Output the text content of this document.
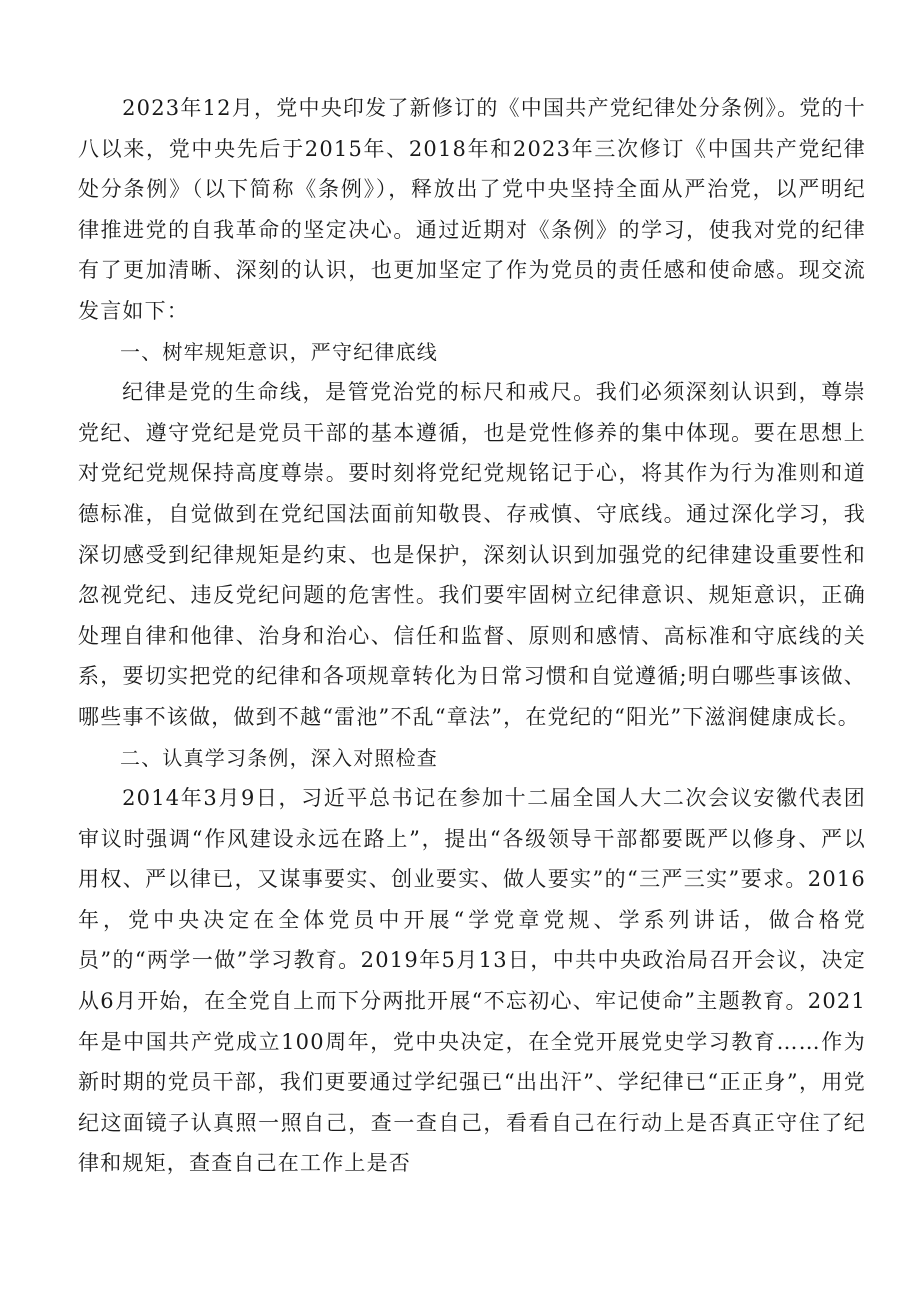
2023年12月，党中央印发了新修订的《中国共产党纪律处分条例》。党的十八以来，党中央先后于2015年、2018年和2023年三次修订《中国共产党纪律处分条例》（以下简称《条例》），释放出了党中央坚持全面从严治党，以严明纪律推进党的自我革命的坚定决心。通过近期对《条例》的学习，使我对党的纪律有了更加清晰、深刻的认识，也更加坚定了作为党员的责任感和使命感。现交流发言如下：

一、树牢规矩意识，严守纪律底线

纪律是党的生命线，是管党治党的标尺和戒尺。我们必须深刻认识到，尊崇党纪、遵守党纪是党员干部的基本遵循，也是党性修养的集中体现。要在思想上对党纪党规保持高度尊崇。要时刻将党纪党规铭记于心，将其作为行为准则和道德标准，自觉做到在党纪国法面前知敬畏、存戒慎、守底线。通过深化学习，我深切感受到纪律规矩是约束、也是保护，深刻认识到加强党的纪律建设重要性和忽视党纪、违反党纪问题的危害性。我们要牢固树立纪律意识、规矩意识，正确处理自律和他律、治身和治心、信任和监督、原则和感情、高标准和守底线的关系，要切实把党的纪律和各项规章转化为日常习惯和自觉遵循;明白哪些事该做、哪些事不该做，做到不越“雷池”不乱“章法”，在党纪的“阳光”下滋润健康成长。

二、认真学习条例，深入对照检查

2014年3月9日，习近平总书记在参加十二届全国人大二次会议安徽代表团审议时强调“作风建设永远在路上”，提出“各级领导干部都要既严以修身、严以用权、严以律已，又谋事要实、创业要实、做人要实”的“三严三实”要求。2016年，党中央决定在全体党员中开展“学党章党规、学系列讲话，做合格党员”的“两学一做”学习教育。2019年5月13日，中共中央政治局召开会议，决定从6月开始，在全党自上而下分两批开展“不忘初心、牢记使命”主题教育。2021年是中国共产党成立100周年，党中央决定，在全党开展党史学习教育……作为新时期的党员干部，我们更要通过学纪强已“出出汗”、学纪律已“正正身”，用党纪这面镜子认真照一照自己，查一查自己，看看自己在行动上是否真正守住了纪律和规矩，查查自己在工作上是否
